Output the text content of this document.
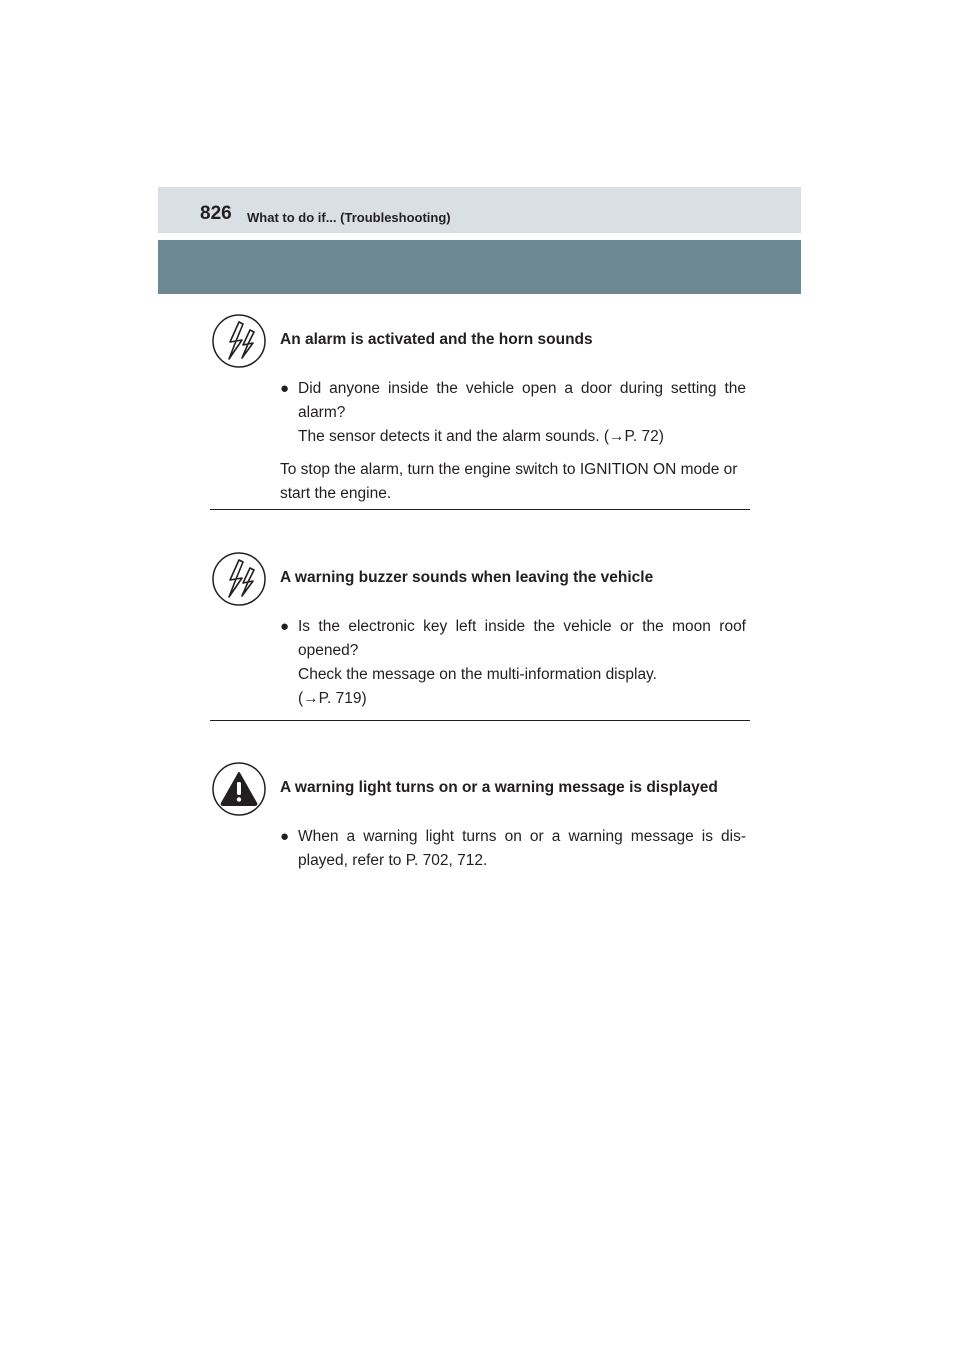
826 What to do if... (Troubleshooting)
An alarm is activated and the horn sounds
● Did anyone inside the vehicle open a door during setting the alarm?
The sensor detects it and the alarm sounds. (→P. 72)
To stop the alarm, turn the engine switch to IGNITION ON mode or start the engine.
A warning buzzer sounds when leaving the vehicle
● Is the electronic key left inside the vehicle or the moon roof opened?
Check the message on the multi-information display.
(→P. 719)
A warning light turns on or a warning message is displayed
● When a warning light turns on or a warning message is dis-played, refer to P. 702, 712.
